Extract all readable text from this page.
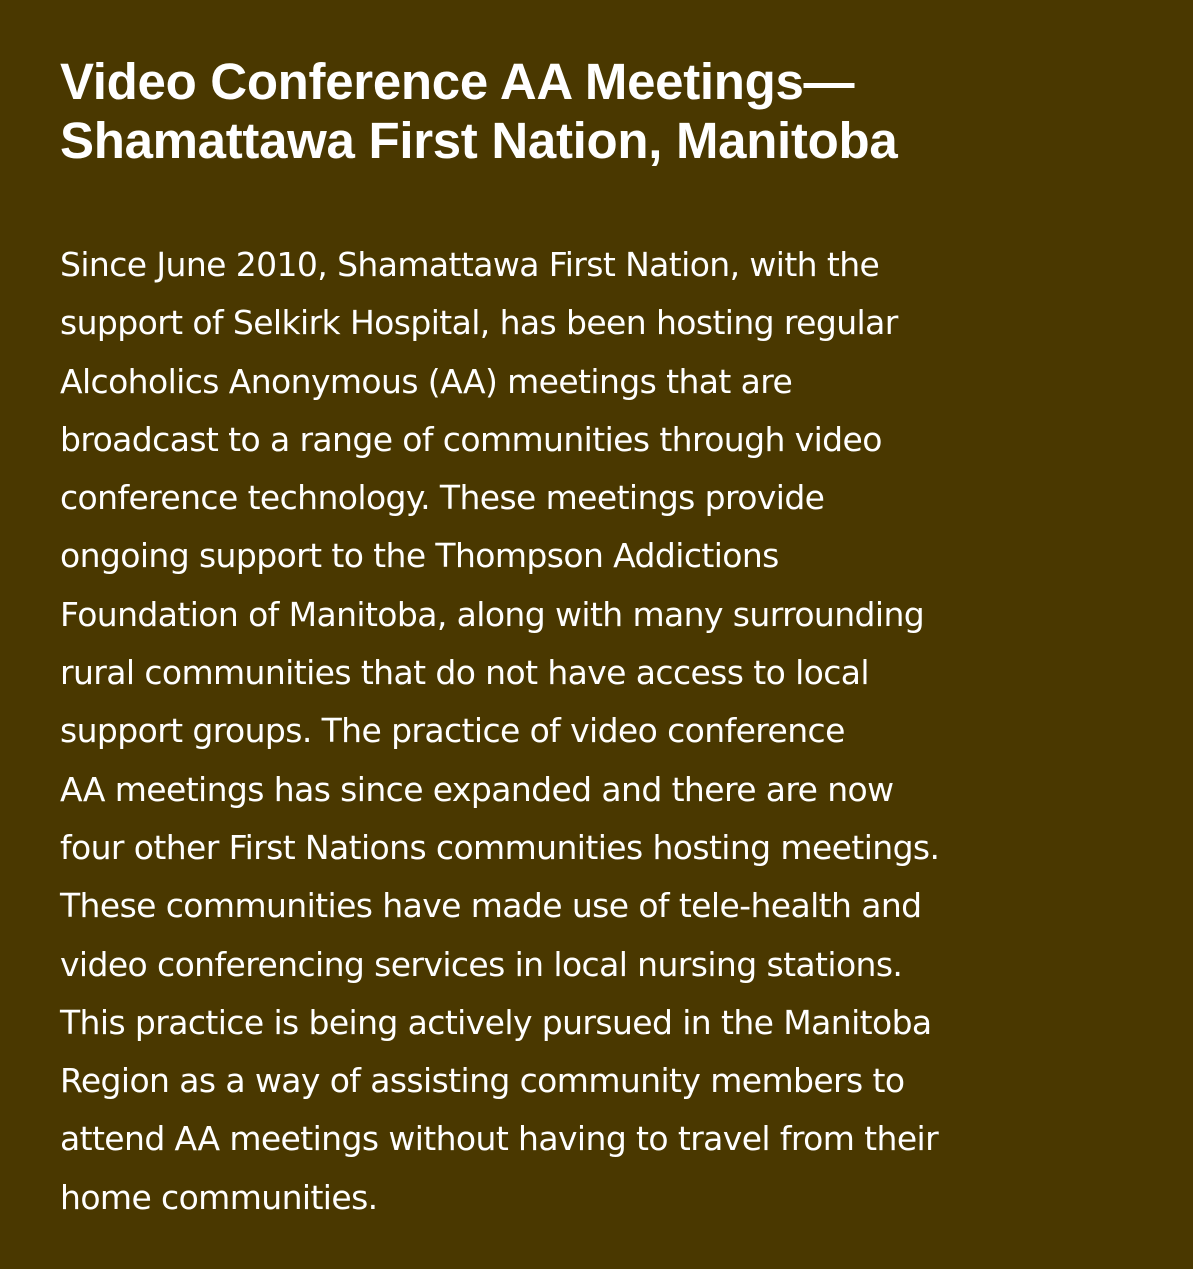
Video Conference AA Meetings—
Shamattawa First Nation, Manitoba

Since June 2010, Shamattawa First Nation, with the
support of Selkirk Hospital, has been hosting regular
Alcoholics Anonymous (AA) meetings that are
broadcast to a range of communities through video
conference technology. These meetings provide
ongoing support to the Thompson Addictions
Foundation of Manitoba, along with many surrounding
rural communities that do not have access to local
support groups. The practice of video conference
AA meetings has since expanded and there are now
four other First Nations communities hosting meetings.
These communities have made use of tele-health and
video conferencing services in local nursing stations.
This practice is being actively pursued in the Manitoba
Region as a way of assisting community members to
attend AA meetings without having to travel from their
home communities.
